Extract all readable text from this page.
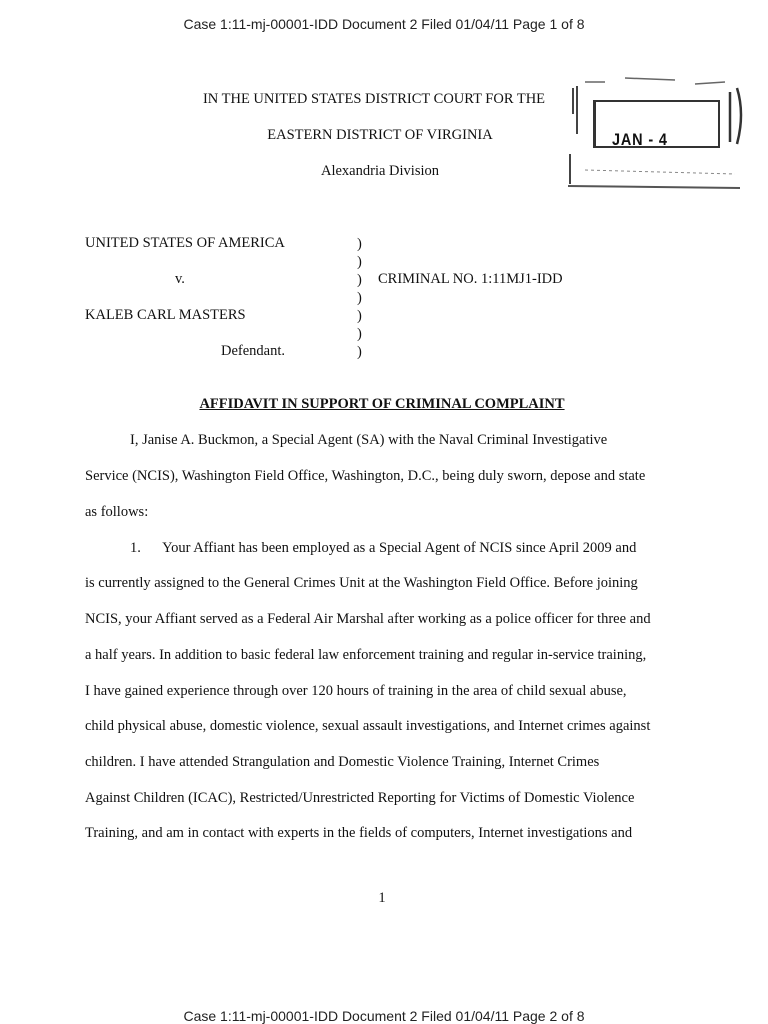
Case 1:11-mj-00001-IDD Document 2 Filed 01/04/11 Page 1 of 8
IN THE UNITED STATES DISTRICT COURT FOR THE
EASTERN DISTRICT OF VIRGINIA
Alexandria Division
JAN - 4
UNITED STATES OF AMERICA
v.
KALEB CARL MASTERS
Defendant.
)
)
)
)
)
)
)
CRIMINAL NO. 1:11MJ1-IDD
AFFIDAVIT IN SUPPORT OF CRIMINAL COMPLAINT
I, Janise A. Buckmon, a Special Agent (SA) with the Naval Criminal Investigative
Service (NCIS), Washington Field Office, Washington, D.C., being duly sworn, depose and state
as follows:
1.      Your Affiant has been employed as a Special Agent of NCIS since April 2009 and
is currently assigned to the General Crimes Unit at the Washington Field Office. Before joining
NCIS, your Affiant served as a Federal Air Marshal after working as a police officer for three and
a half years. In addition to basic federal law enforcement training and regular in-service training,
I have gained experience through over 120 hours of training in the area of child sexual abuse,
child physical abuse, domestic violence, sexual assault investigations, and Internet crimes against
children. I have attended Strangulation and Domestic Violence Training, Internet Crimes
Against Children (ICAC), Restricted/Unrestricted Reporting for Victims of Domestic Violence
Training, and am in contact with experts in the fields of computers, Internet investigations and
1
Case 1:11-mj-00001-IDD Document 2 Filed 01/04/11 Page 2 of 8
